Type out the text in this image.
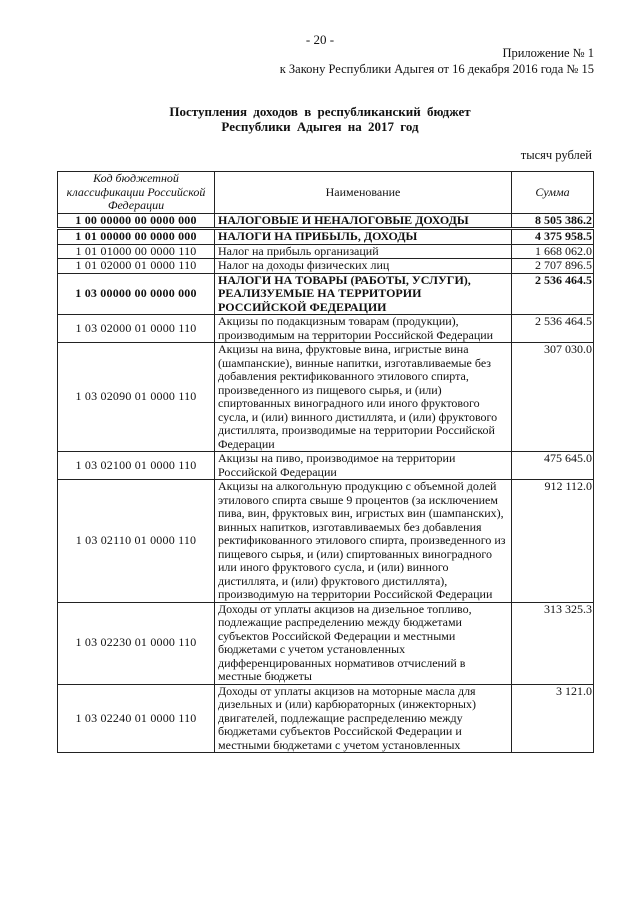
- 20 -
Приложение № 1
к Закону Республики Адыгея от 16 декабря 2016 года № 15
Поступления доходов в республиканский бюджет
Республики Адыгея на 2017 год
тысяч рублей
Код бюджетной классификации Российской Федерации	Наименование	Сумма
1 00 00000 00 0000 000	НАЛОГОВЫЕ И НЕНАЛОГОВЫЕ ДОХОДЫ	8 505 386.2
1 01 00000 00 0000 000	НАЛОГИ НА ПРИБЫЛЬ, ДОХОДЫ	4 375 958.5
1 01 01000 00 0000 110	Налог на прибыль организаций	1 668 062.0
1 01 02000 01 0000 110	Налог на доходы физических лиц	2 707 896.5
1 03 00000 00 0000 000	НАЛОГИ НА ТОВАРЫ (РАБОТЫ, УСЛУГИ), РЕАЛИЗУЕМЫЕ НА ТЕРРИТОРИИ РОССИЙСКОЙ ФЕДЕРАЦИИ	2 536 464.5
1 03 02000 01 0000 110	Акцизы по подакцизным товарам (продукции), производимым на территории Российской Федерации	2 536 464.5
1 03 02090 01 0000 110	Акцизы на вина, фруктовые вина, игристые вина (шампанские), винные напитки, изготавливаемые без добавления ректификованного этилового спирта, произведенного из пищевого сырья, и (или) спиртованных виноградного или иного фруктового сусла, и (или) винного дистиллята, и (или) фруктового дистиллята, производимые на территории Российской Федерации	307 030.0
1 03 02100 01 0000 110	Акцизы на пиво, производимое на территории Российской Федерации	475 645.0
1 03 02110 01 0000 110	Акцизы на алкогольную продукцию с объемной долей этилового спирта свыше 9 процентов (за исключением пива, вин, фруктовых вин, игристых вин (шампанских), винных напитков, изготавливаемых без добавления ректификованного этилового спирта, произведенного из пищевого сырья, и (или) спиртованных виноградного или иного фруктового сусла, и (или) винного дистиллята, и (или) фруктового дистиллята), производимую на территории Российской Федерации	912 112.0
1 03 02230 01 0000 110	Доходы от уплаты акцизов на дизельное топливо, подлежащие распределению между бюджетами субъектов Российской Федерации и местными бюджетами с учетом установленных дифференцированных нормативов отчислений в местные бюджеты	313 325.3
1 03 02240 01 0000 110	Доходы от уплаты акцизов на моторные масла для дизельных и (или) карбюраторных (инжекторных) двигателей, подлежащие распределению между бюджетами субъектов Российской Федерации и местными бюджетами с учетом установленных	3 121.0
